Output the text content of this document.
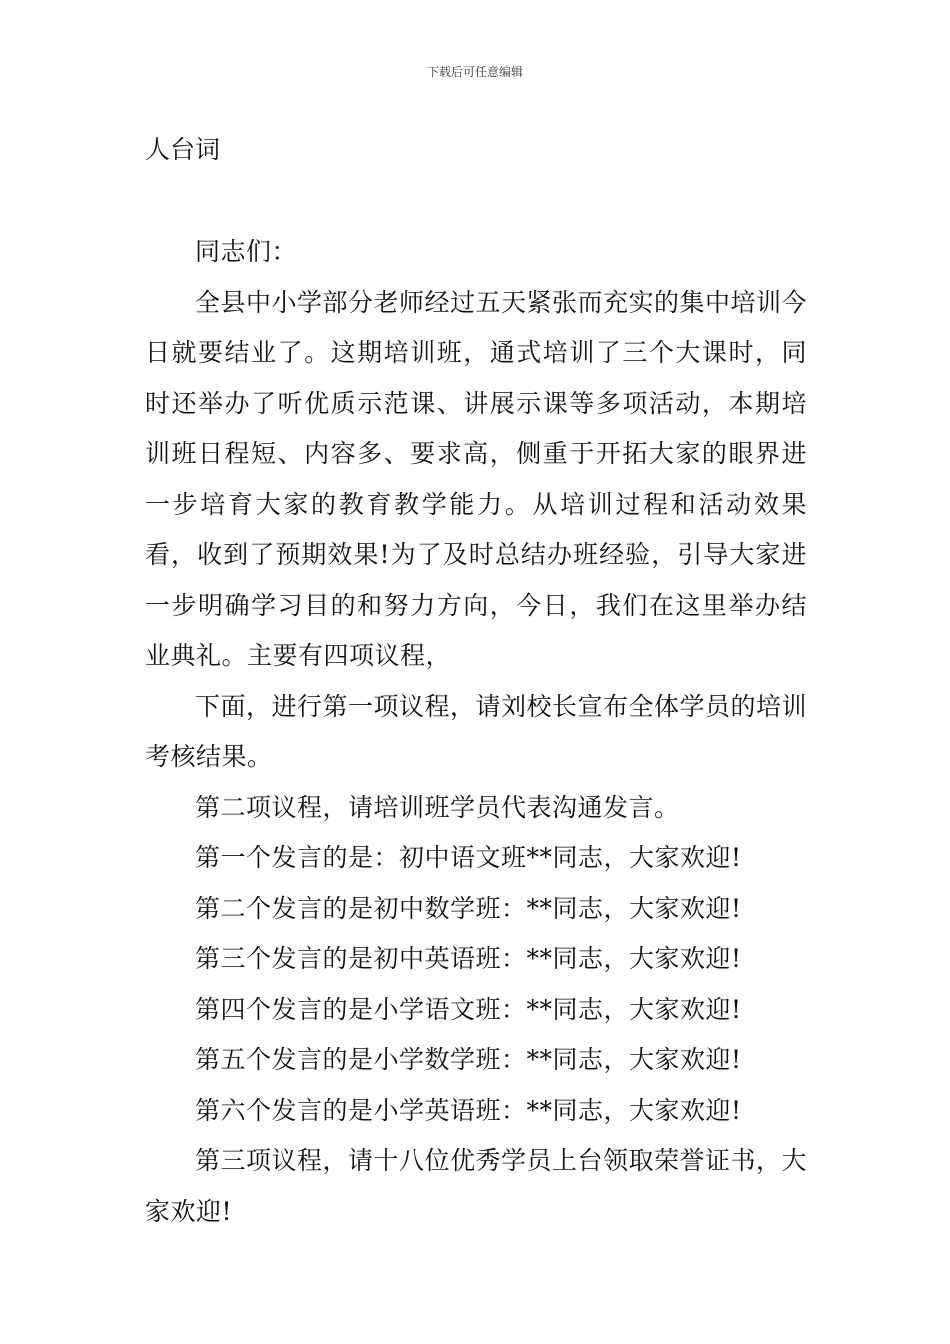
下载后可任意编辑
人台词

同志们：

全县中小学部分老师经过五天紧张而充实的集中培训今日就要结业了。这期培训班，通式培训了三个大课时，同时还举办了听优质示范课、讲展示课等多项活动，本期培训班日程短、内容多、要求高，侧重于开拓大家的眼界进一步培育大家的教育教学能力。从培训过程和活动效果看，收到了预期效果!为了及时总结办班经验，引导大家进一步明确学习目的和努力方向，今日，我们在这里举办结业典礼。主要有四项议程，

下面，进行第一项议程，请刘校长宣布全体学员的培训考核结果。

第二项议程，请培训班学员代表沟通发言。

第一个发言的是：初中语文班**同志，大家欢迎!

第二个发言的是初中数学班：**同志，大家欢迎!

第三个发言的是初中英语班：**同志，大家欢迎!

第四个发言的是小学语文班：**同志，大家欢迎!

第五个发言的是小学数学班：**同志，大家欢迎!

第六个发言的是小学英语班：**同志，大家欢迎!

第三项议程，请十八位优秀学员上台领取荣誉证书，大家欢迎!
